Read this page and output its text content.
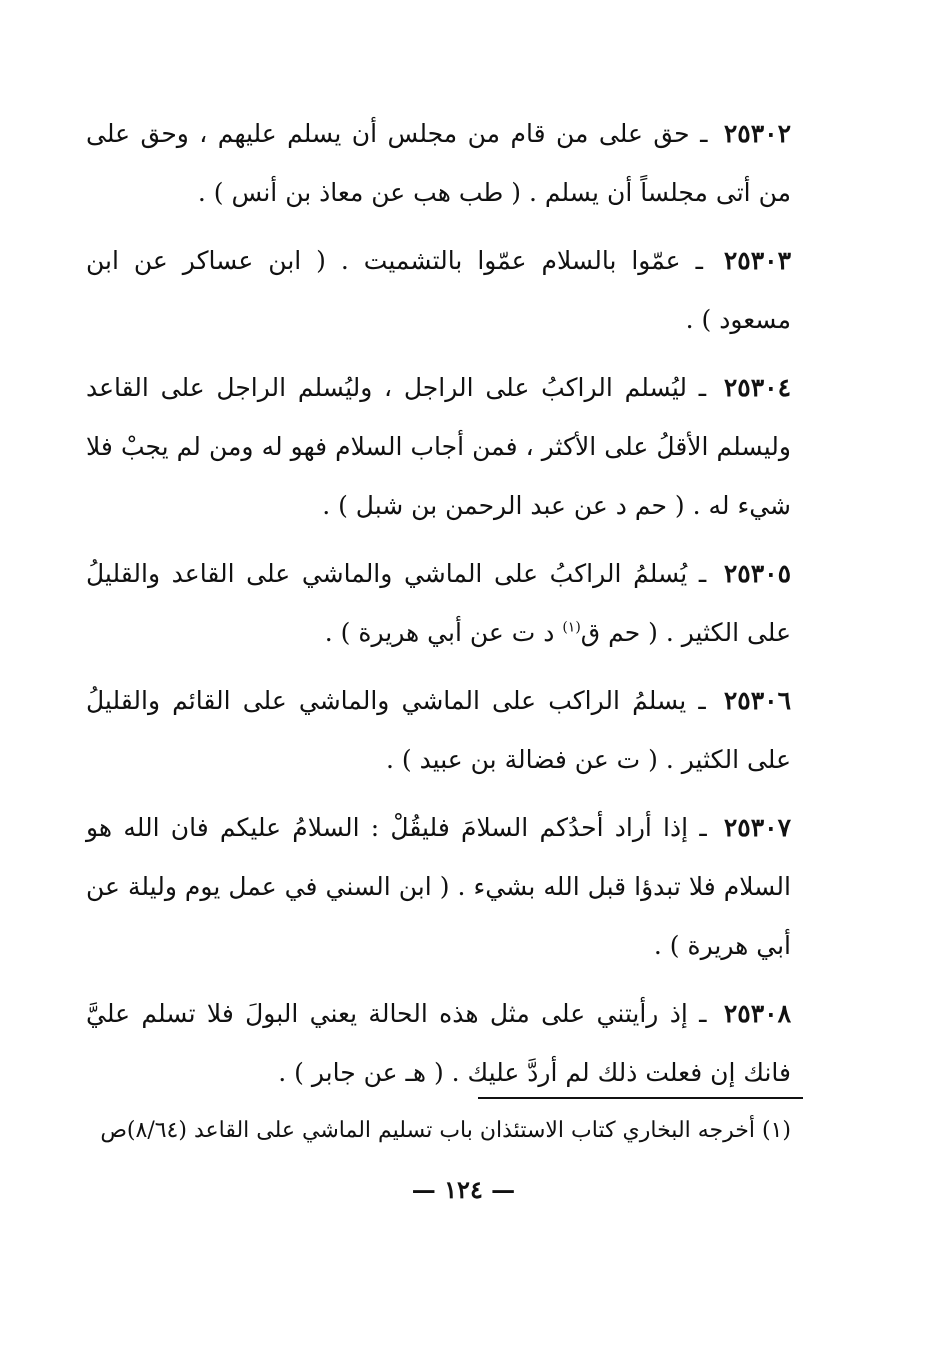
٢٥٣٠٢ ـ حق على من قام من مجلس أن يسلم عليهم ، وحق على من أتى مجلساً أن يسلم . ( طب هب عن معاذ بن أنس ) .

٢٥٣٠٣ ـ عمّوا بالسلام عمّوا بالتشميت . ( ابن عساكر عن ابن مسعود ) .

٢٥٣٠٤ ـ ليُسلم الراكبُ على الراجل ، وليُسلم الراجل على القاعد وليسلم الأقلُ على الأكثر ، فمن أجاب السلام فهو له ومن لم يجبْ فلا شيء له . ( حم د عن عبد الرحمن بن شبل ) .

٢٥٣٠٥ ـ يُسلمُ الراكبُ على الماشي والماشي على القاعد والقليلُ على الكثير . ( حم ق$^{(١)}$ د ت عن أبي هريرة ) .

٢٥٣٠٦ ـ يسلمُ الراكب على الماشي والماشي على القائم والقليلُ على الكثير . ( ت عن فضالة بن عبيد ) .

٢٥٣٠٧ ـ إذا أراد أحدُكم السلامَ فليقُلْ : السلامُ عليكم فان الله هو السلام فلا تبدؤا قبل الله بشيء . ( ابن السني في عمل يوم وليلة عن أبي هريرة ) .

٢٥٣٠٨ ـ إذ رأيتني على مثل هذه الحالة يعني البولَ فلا تسلم عليَّ فانك إن فعلت ذلك لم أردَّ عليك . ( هـ عن جابر ) .

(١) أخرجه البخاري كتاب الاستئذان باب تسليم الماشي على القاعد (٨/٦٤)ص
— ١٢٤ —
